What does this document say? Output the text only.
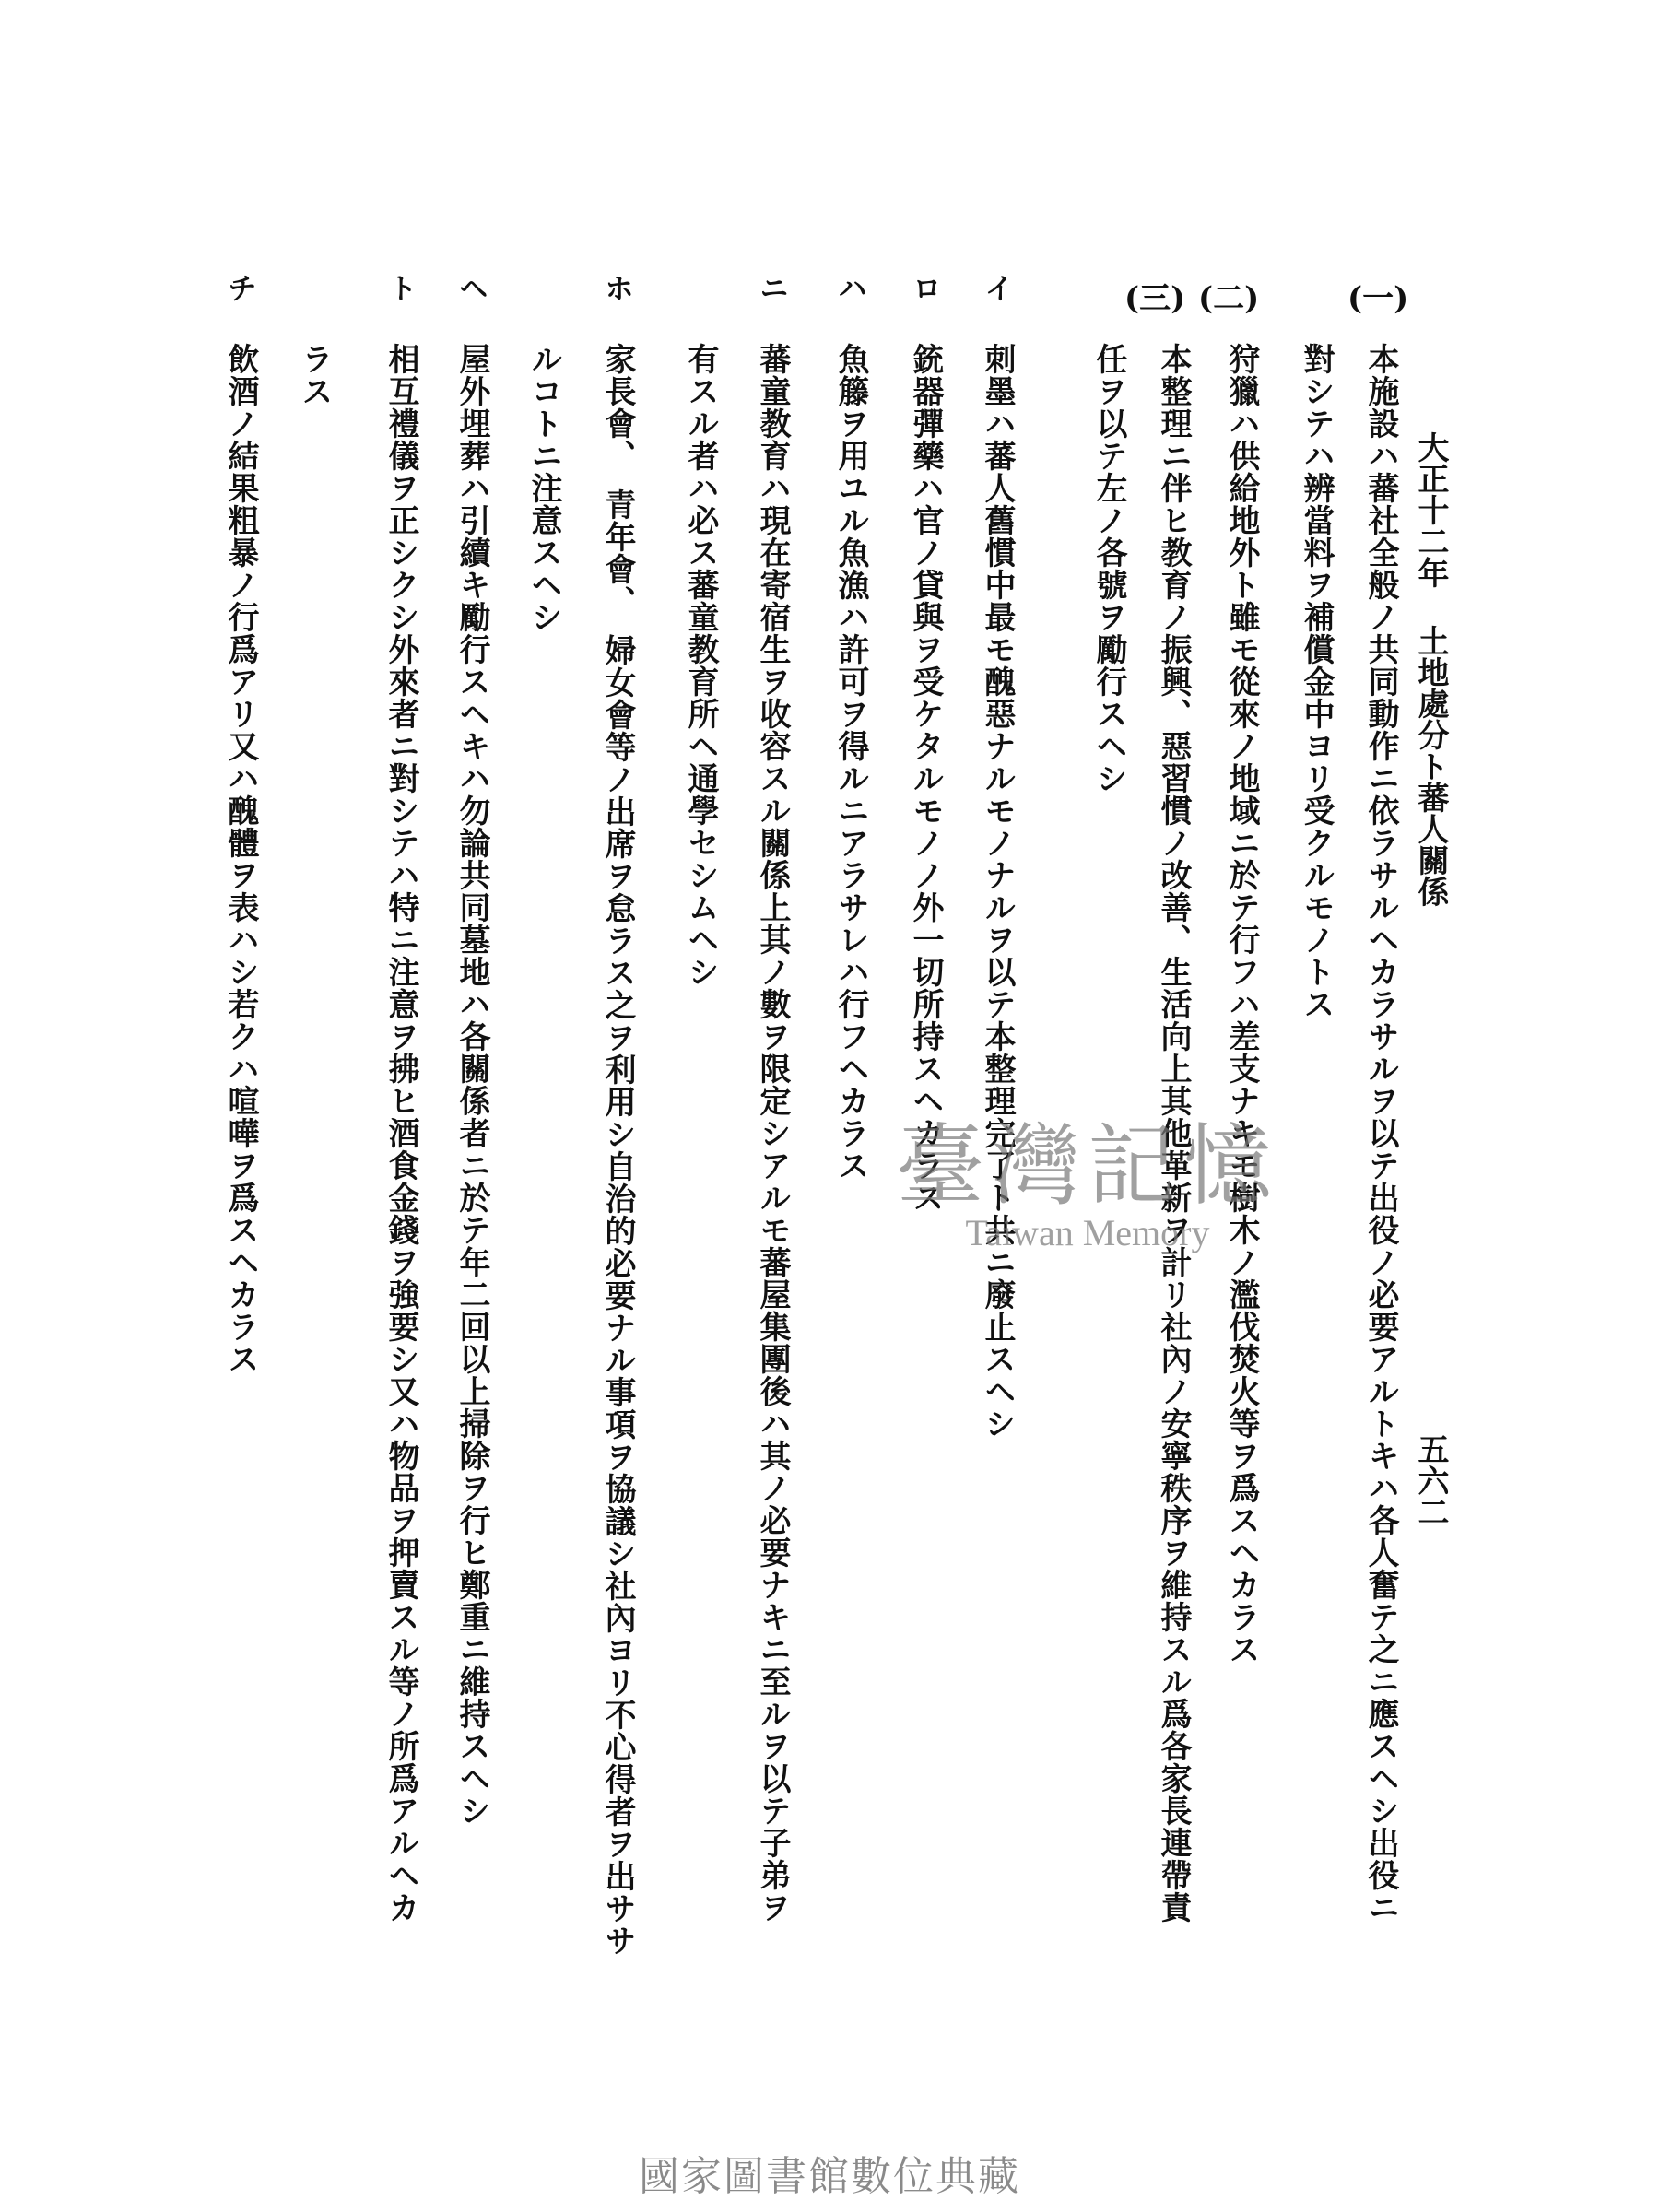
大正十二年土地處分ト蕃人關係
五六二
(一)
本施設ハ蕃社全般ノ共同動作ニ依ラサルヘカラサルヲ以テ出役ノ必要アルトキハ各人奮テ之ニ應スヘシ出役ニ
對シテハ辨當料ヲ補償金中ヨリ受クルモノトス
(二)
狩獵ハ供給地外ト雖モ從來ノ地域ニ於テ行フハ差支ナキモ樹木ノ濫伐焚火等ヲ爲スヘカラス
(三)
本整理ニ伴ヒ教育ノ振興、惡習慣ノ改善、生活向上其他革新ヲ計リ社內ノ安寧秩序ヲ維持スル爲各家長連帶責
任ヲ以テ左ノ各號ヲ勵行スヘシ
イ
刺墨ハ蕃人舊慣中最モ醜惡ナルモノナルヲ以テ本整理完了ト共ニ廢止スヘシ
ロ
銃器彈藥ハ官ノ貸與ヲ受ケタルモノノ外一切所持スヘカラス
ハ
魚籐ヲ用ユル魚漁ハ許可ヲ得ルニアラサレハ行フヘカラス
ニ
蕃童教育ハ現在寄宿生ヲ收容スル關係上其ノ數ヲ限定シアルモ蕃屋集團後ハ其ノ必要ナキニ至ルヲ以テ子弟ヲ
有スル者ハ必ス蕃童教育所ヘ通學セシムヘシ
ホ
家長會、　青年會、　婦女會等ノ出席ヲ怠ラス之ヲ利用シ自治的必要ナル事項ヲ協議シ社內ヨリ不心得者ヲ出ササ
ルコトニ注意スヘシ
ヘ
屋外埋葬ハ引續キ勵行スヘキハ勿論共同墓地ハ各關係者ニ於テ年二回以上掃除ヲ行ヒ鄭重ニ維持スヘシ
ト
相互禮儀ヲ正シクシ外來者ニ對シテハ特ニ注意ヲ拂ヒ酒食金錢ヲ強要シ又ハ物品ヲ押賣スル等ノ所爲アルヘカ
ラス
チ
飲酒ノ結果粗暴ノ行爲アリ又ハ醜體ヲ表ハシ若クハ喧嘩ヲ爲スヘカラス	臺灣記憶
Taiwan Memory
國家圖書館數位典藏
